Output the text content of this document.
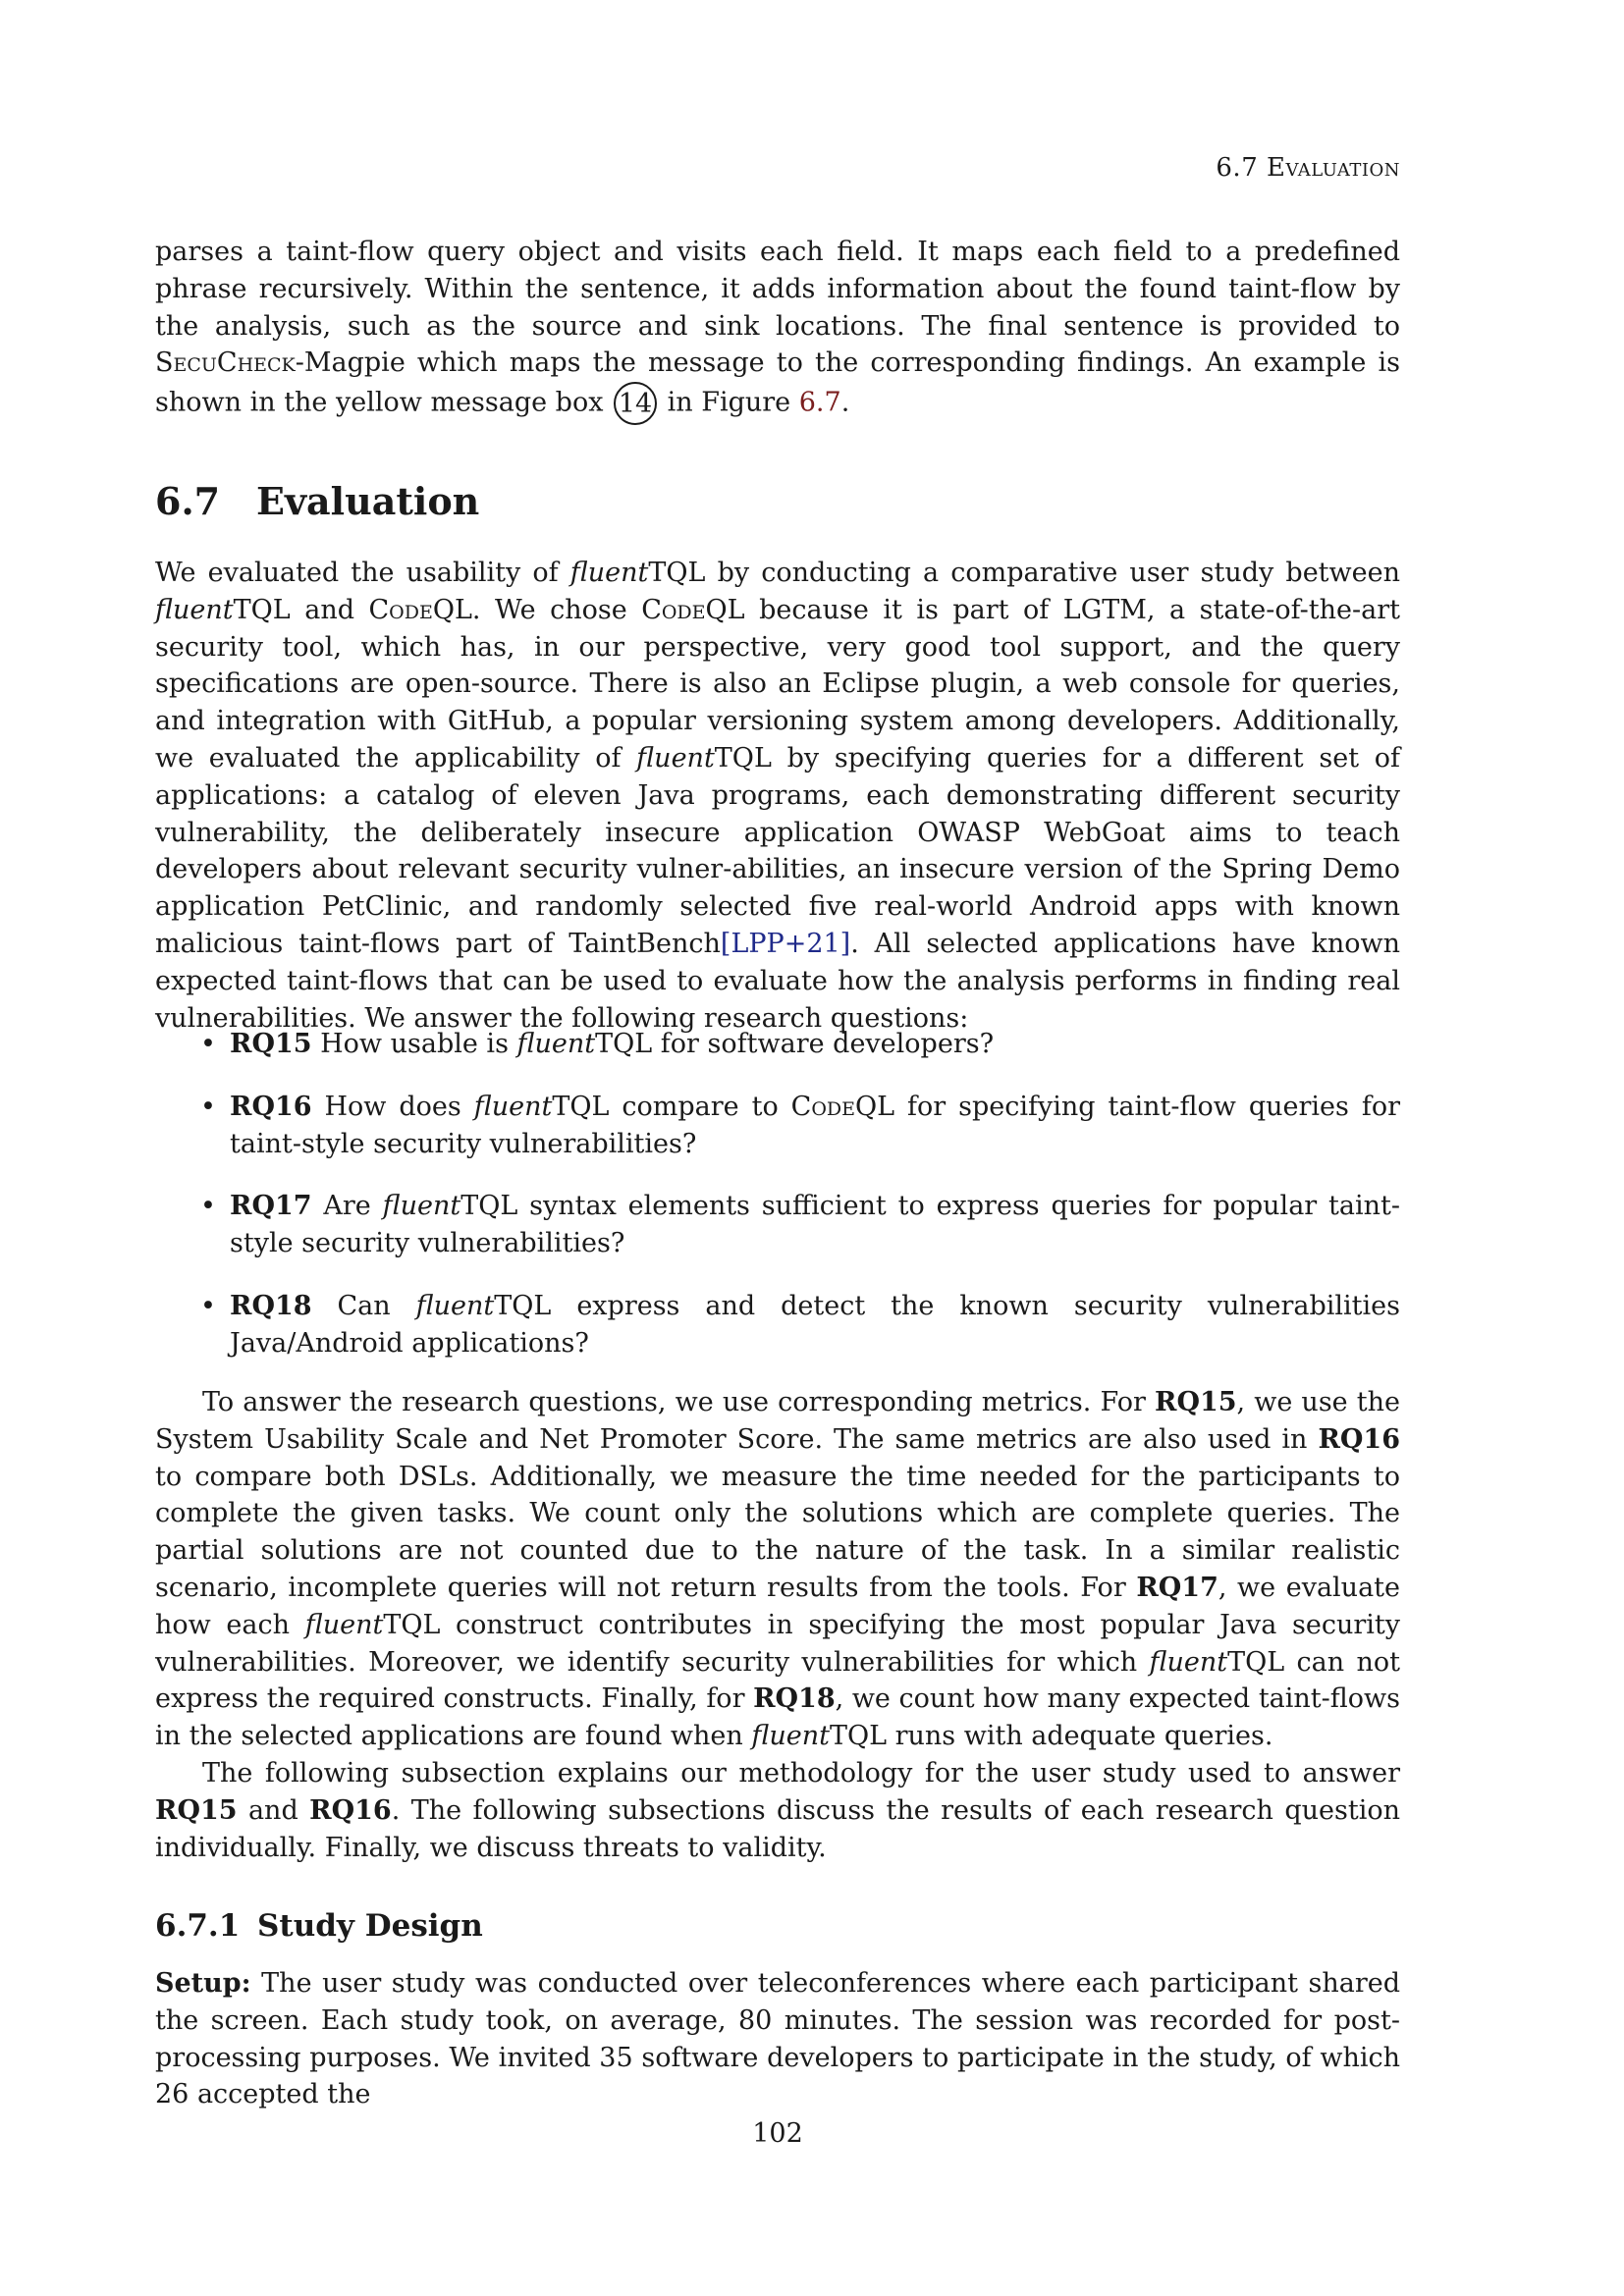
6.7 Evaluation
parses a taint-flow query object and visits each field. It maps each field to a predefined phrase recursively. Within the sentence, it adds information about the found taint-flow by the analysis, such as the source and sink locations. The final sentence is provided to SecuCheck-Magpie which maps the message to the corresponding findings. An example is shown in the yellow message box 14 in Figure 6.7.
6.7 Evaluation
We evaluated the usability of fluentTQL by conducting a comparative user study between fluentTQL and CodeQL. We chose CodeQL because it is part of LGTM, a state-of-the-art security tool, which has, in our perspective, very good tool support, and the query specifications are open-source. There is also an Eclipse plugin, a web console for queries, and integration with GitHub, a popular versioning system among developers. Additionally, we evaluated the applicability of fluentTQL by specifying queries for a different set of applications: a catalog of eleven Java programs, each demonstrating different security vulnerability, the deliberately insecure application OWASP WebGoat aims to teach developers about relevant security vulner-abilities, an insecure version of the Spring Demo application PetClinic, and randomly selected five real-world Android apps with known malicious taint-flows part of TaintBench[LPP+21]. All selected applications have known expected taint-flows that can be used to evaluate how the analysis performs in finding real vulnerabilities. We answer the following research questions:
• RQ15 How usable is fluentTQL for software developers?
• RQ16 How does fluentTQL compare to CodeQL for specifying taint-flow queries for taint-style security vulnerabilities?
• RQ17 Are fluentTQL syntax elements sufficient to express queries for popular taint-style security vulnerabilities?
• RQ18 Can fluentTQL express and detect the known security vulnerabilities Java/Android applications?

To answer the research questions, we use corresponding metrics. For RQ15, we use the System Usability Scale and Net Promoter Score. The same metrics are also used in RQ16 to compare both DSLs. Additionally, we measure the time needed for the participants to complete the given tasks. We count only the solutions which are complete queries. The partial solutions are not counted due to the nature of the task. In a similar realistic scenario, incomplete queries will not return results from the tools. For RQ17, we evaluate how each fluentTQL construct contributes in specifying the most popular Java security vulnerabilities. Moreover, we identify security vulnerabilities for which fluentTQL can not express the required constructs. Finally, for RQ18, we count how many expected taint-flows in the selected applications are found when fluentTQL runs with adequate queries.

The following subsection explains our methodology for the user study used to answer RQ15 and RQ16. The following subsections discuss the results of each research question individually. Finally, we discuss threats to validity.

6.7.1 Study Design
Setup: The user study was conducted over teleconferences where each participant shared the screen. Each study took, on average, 80 minutes. The session was recorded for post-processing purposes. We invited 35 software developers to participate in the study, of which 26 accepted the
102
